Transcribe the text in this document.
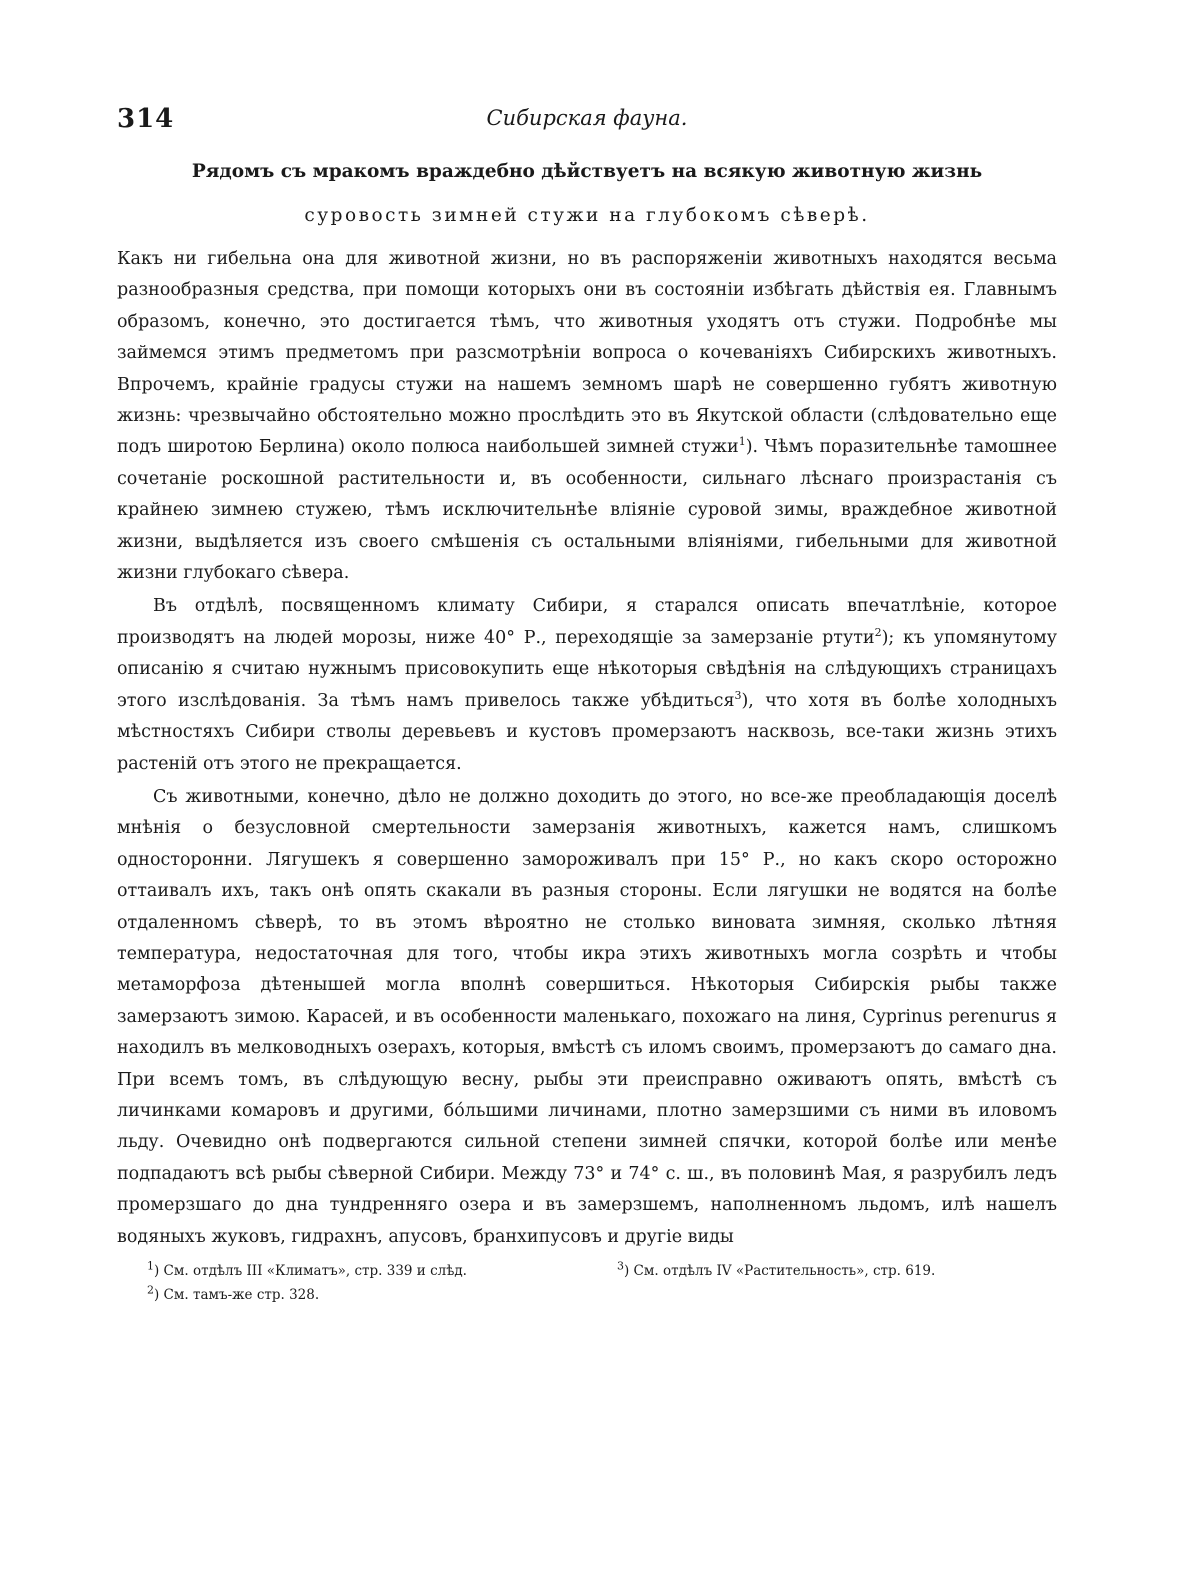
314	Сибирская фауна.

Рядомъ съ мракомъ враждебно дѣйствуетъ на всякую животную жизнь

суровость зимней стужи на глубокомъ сѣверѣ.

Какъ ни гибельна она для животной жизни, но въ распоряженіи животныхъ находятся весьма разнообразныя средства, при помощи которыхъ они въ состояніи избѣгать дѣйствія ея. Главнымъ образомъ, конечно, это достигается тѣмъ, что животныя уходятъ отъ стужи. Подробнѣе мы займемся этимъ предметомъ при разсмотрѣніи вопроса о кочеваніяхъ Сибирскихъ животныхъ. Впрочемъ, крайніе градусы стужи на нашемъ земномъ шарѣ не совершенно губятъ животную жизнь: чрезвычайно обстоятельно можно прослѣдить это въ Якутской области (слѣдовательно еще подъ широтою Берлина) около полюса наибольшей зимней стужи$^1$). Чѣмъ поразительнѣе тамошнее сочетаніе роскошной растительности и, въ особенности, сильнаго лѣснаго произрастанія съ крайнею зимнею стужею, тѣмъ исключительнѣе вліяніе суровой зимы, враждебное животной жизни, выдѣляется изъ своего смѣшенія съ остальными вліяніями, гибельными для животной жизни глубокаго сѣвера.

Въ отдѣлѣ, посвященномъ климату Сибири, я старался описать впечатлѣніе, которое производятъ на людей морозы, ниже 40° Р., переходящіе за замерзаніе ртути$^2$); къ упомянутому описанію я считаю нужнымъ присовокупить еще нѣкоторыя свѣдѣнія на слѣдующихъ страницахъ этого изслѣдованія. За тѣмъ намъ привелось также убѣдиться$^3$), что хотя въ болѣе холодныхъ мѣстностяхъ Сибири стволы деревьевъ и кустовъ промерзаютъ насквозь, все-таки жизнь этихъ растеній отъ этого не прекращается.

Съ животными, конечно, дѣло не должно доходить до этого, но все-же преобладающія доселѣ мнѣнія о безусловной смертельности замерзанія животныхъ, кажется намъ, слишкомъ односторонни. Лягушекъ я совершенно замороживалъ при 15° Р., но какъ скоро осторожно оттаивалъ ихъ, такъ онѣ опять скакали въ разныя стороны. Если лягушки не водятся на болѣе отдаленномъ сѣверѣ, то въ этомъ вѣроятно не столько виновата зимняя, сколько лѣтняя температура, недостаточная для того, чтобы икра этихъ животныхъ могла созрѣть и чтобы метаморфоза дѣтенышей могла вполнѣ совершиться. Нѣкоторыя Сибирскія рыбы также замерзаютъ зимою. Карасей, и въ особенности маленькаго, похожаго на линя, Cyprinus perenurus я находилъ въ мелководныхъ озерахъ, которыя, вмѣстѣ съ иломъ своимъ, промерзаютъ до самаго дна. При всемъ томъ, въ слѣдующую весну, рыбы эти преисправно оживаютъ опять, вмѣстѣ съ личинками комаровъ и другими, бóльшими личинами, плотно замерзшими съ ними въ иловомъ льду. Очевидно онѣ подвергаются сильной степени зимней спячки, которой болѣе или менѣе подпадаютъ всѣ рыбы сѣверной Сибири. Между 73° и 74° с. ш., въ половинѣ Мая, я разрубилъ ледъ промерзшаго до дна тундренняго озера и въ замерзшемъ, наполненномъ льдомъ, илѣ нашелъ водяныхъ жуковъ, гидрахнъ, апусовъ, бранхипусовъ и другіе виды

$^1$) См. отдѣлъ III «Климатъ», стр. 339 и слѣд.	$^3$) См. отдѣлъ IV «Растительность», стр. 619.
$^2$) См. тамъ-же стр. 328.
